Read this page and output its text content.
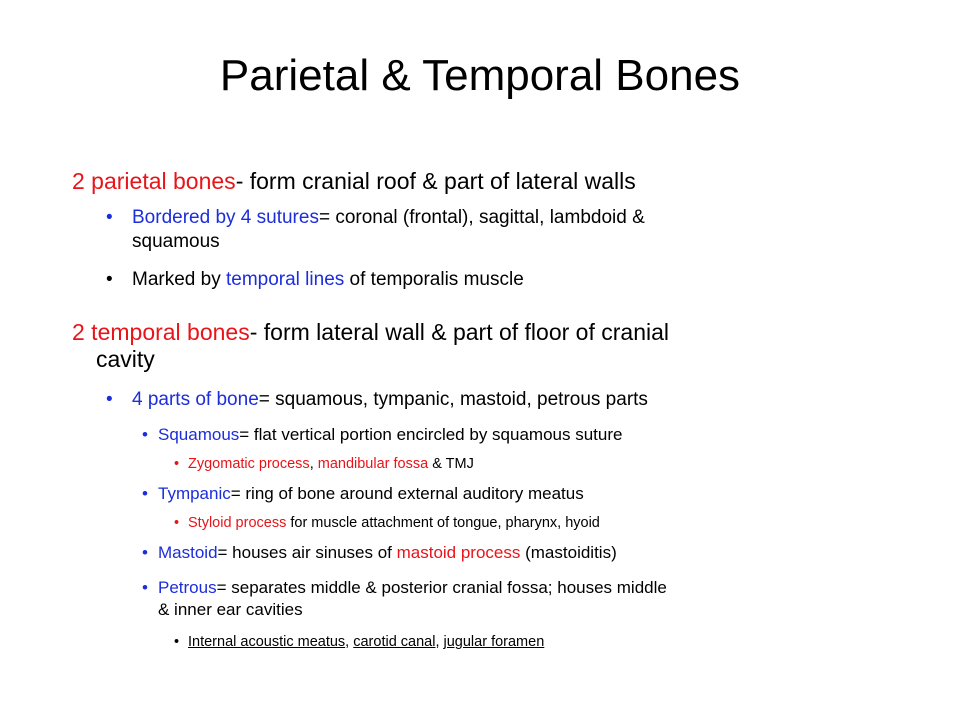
Parietal & Temporal Bones
2 parietal bones- form cranial roof & part of lateral walls
•	Bordered by 4 sutures= coronal (frontal), sagittal, lambdoid &
squamous
•	Marked by temporal lines of temporalis muscle
2 temporal bones- form lateral wall & part of floor of cranial
cavity
•	4 parts of bone= squamous, tympanic, mastoid, petrous parts
• Squamous= flat vertical portion encircled by squamous suture
• Zygomatic process, mandibular fossa & TMJ
• Tympanic= ring of bone around external auditory meatus
• Styloid process for muscle attachment of tongue, pharynx, hyoid
• Mastoid= houses air sinuses of mastoid process (mastoiditis)
• Petrous= separates middle & posterior cranial fossa; houses middle
& inner ear cavities
• Internal acoustic meatus, carotid canal, jugular foramen
